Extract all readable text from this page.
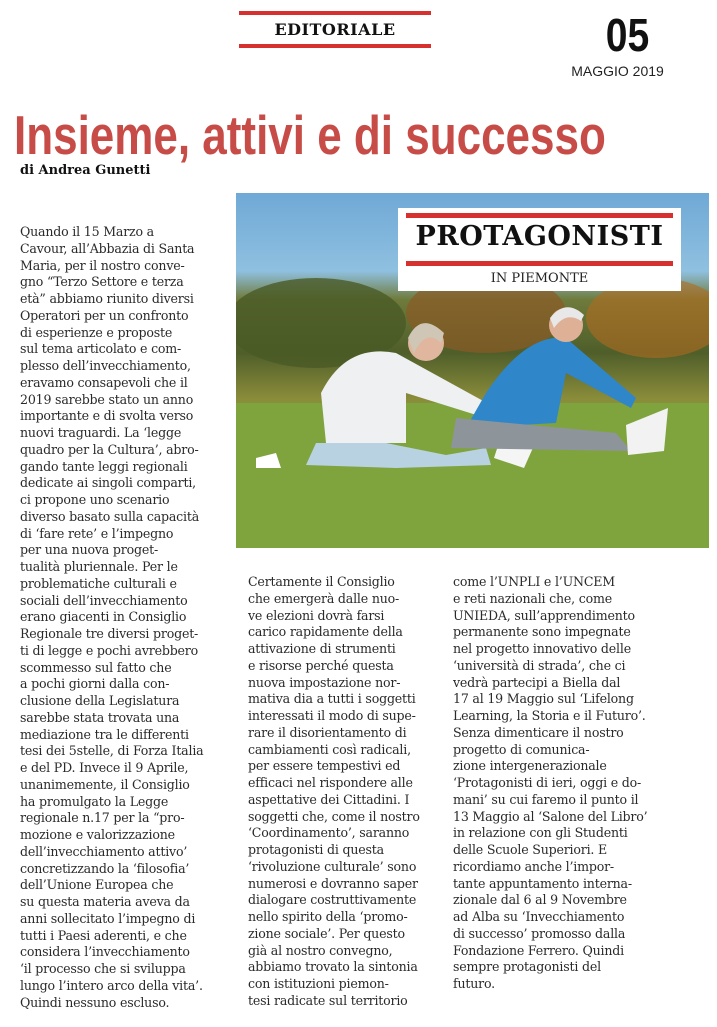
EDITORIALE	05
MAGGIO 2019
Insieme, attivi e di successo
di Andrea Gunetti
Quando il 15 Marzo a
Cavour, all’Abbazia di Santa
Maria, per il nostro conve-
gno “Terzo Settore e terza
età” abbiamo riunito diversi
Operatori per un confronto
di esperienze e proposte
sul tema articolato e com-
plesso dell’invecchiamento,
eravamo consapevoli che il
2019 sarebbe stato un anno
importante e di svolta verso
nuovi traguardi. La ‘legge
quadro per la Cultura’, abro-
gando tante leggi regionali
dedicate ai singoli comparti,
ci propone uno scenario
diverso basato sulla capacità
di ‘fare rete’ e l’impegno
per una nuova proget-
tualità pluriennale. Per le
problematiche culturali e
sociali dell’invecchiamento
erano giacenti in Consiglio
Regionale tre diversi proget-
ti di legge e pochi avrebbero
scommesso sul fatto che
a pochi giorni dalla con-
clusione della Legislatura
sarebbe stata trovata una
mediazione tra le differenti
tesi dei 5stelle, di Forza Italia
e del PD. Invece il 9 Aprile,
unanimemente, il Consiglio
ha promulgato la Legge
regionale n.17 per la “pro-
mozione e valorizzazione
dell’invecchiamento attivo’
concretizzando la ‘filosofia’
dell’Unione Europea che
su questa materia aveva da
anni sollecitato l’impegno di
tutti i Paesi aderenti, e che
considera l’invecchiamento
‘il processo che si sviluppa
lungo l’intero arco della vita’.
Quindi nessuno escluso.
Certamente il Consiglio
che emergerà dalle nuo-
ve elezioni dovrà farsi
carico rapidamente della
attivazione di strumenti
e risorse perché questa
nuova impostazione nor-
mativa dia a tutti i soggetti
interessati il modo di supe-
rare il disorientamento di
cambiamenti così radicali,
per essere tempestivi ed
efficaci nel rispondere alle
aspettative dei Cittadini. I
soggetti che, come il nostro
‘Coordinamento’, saranno
protagonisti di questa
‘rivoluzione culturale’ sono
numerosi e dovranno saper
dialogare costruttivamente
nello spirito della ‘promo-
zione sociale’. Per questo
già al nostro convegno,
abbiamo trovato la sintonia
con istituzioni piemon-
tesi radicate sul territorio
come l’UNPLI e l’UNCEM
e reti nazionali che, come
UNIEDA, sull’apprendimento
permanente sono impegnate
nel progetto innovativo delle
‘università di strada’, che ci
vedrà partecipi a Biella dal
17 al 19 Maggio sul ‘Lifelong
Learning, la Storia e il Futuro’.
Senza dimenticare il nostro
progetto di comunica-
zione intergenerazionale
‘Protagonisti di ieri, oggi e do-
mani’ su cui faremo il punto il
13 Maggio al ‘Salone del Libro’
in relazione con gli Studenti
delle Scuole Superiori. E
ricordiamo anche l’impor-
tante appuntamento interna-
zionale dal 6 al 9 Novembre
ad Alba su ‘Invecchiamento
di successo’ promosso dalla
Fondazione Ferrero. Quindi
sempre protagonisti del
futuro.
PROTAGONISTI
IN PIEMONTE
